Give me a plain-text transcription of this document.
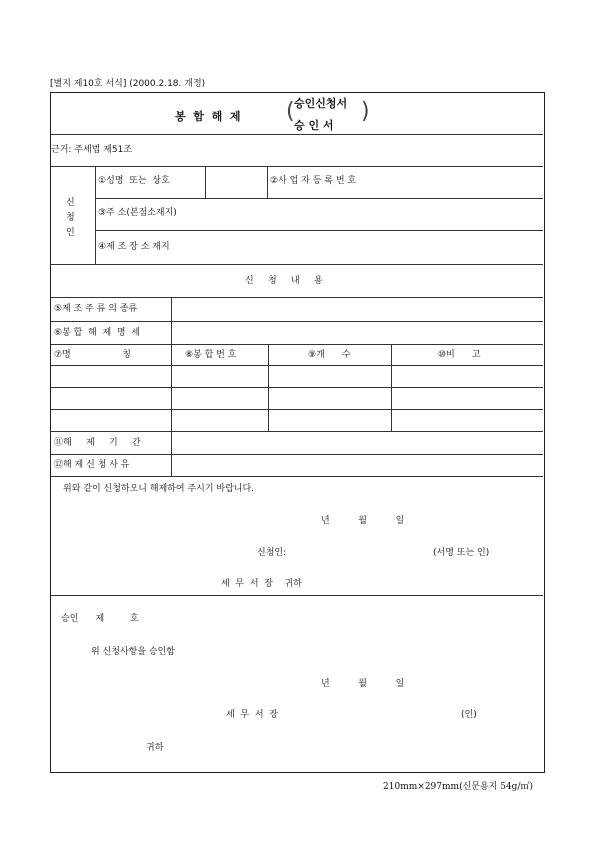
[별지 제10호 서식] (2000.2.18. 개정)
봉  함  해  제 (	)
승인신청서
승 인 서
근거: 주세법 제51조
신
청
인
①성명  또는  상호	②사 업 자 등 록 번 호
③주 소(본점소재지)
④제 조 장 소 재지
신     청     내     용
⑤제 조 주 류 의 종류
⑥봉 합  해  제  명  세
⑦명                  칭	⑧봉 합 번 호	⑨개      수	⑩비      고
⑪해     제     기     간
⑫해 제 신 청 사 유
위와 같이 신청하오니 해제하여 주시기 바랍니다.
년          월          일
신청인:	(서명 또는 인)
세  무  서  장    귀하
승인      제         호
위 신청사항을 승인함
년          월          일
세  무  서  장	(인)
귀하
210mm×297mm(신문용지 54g/㎡)
